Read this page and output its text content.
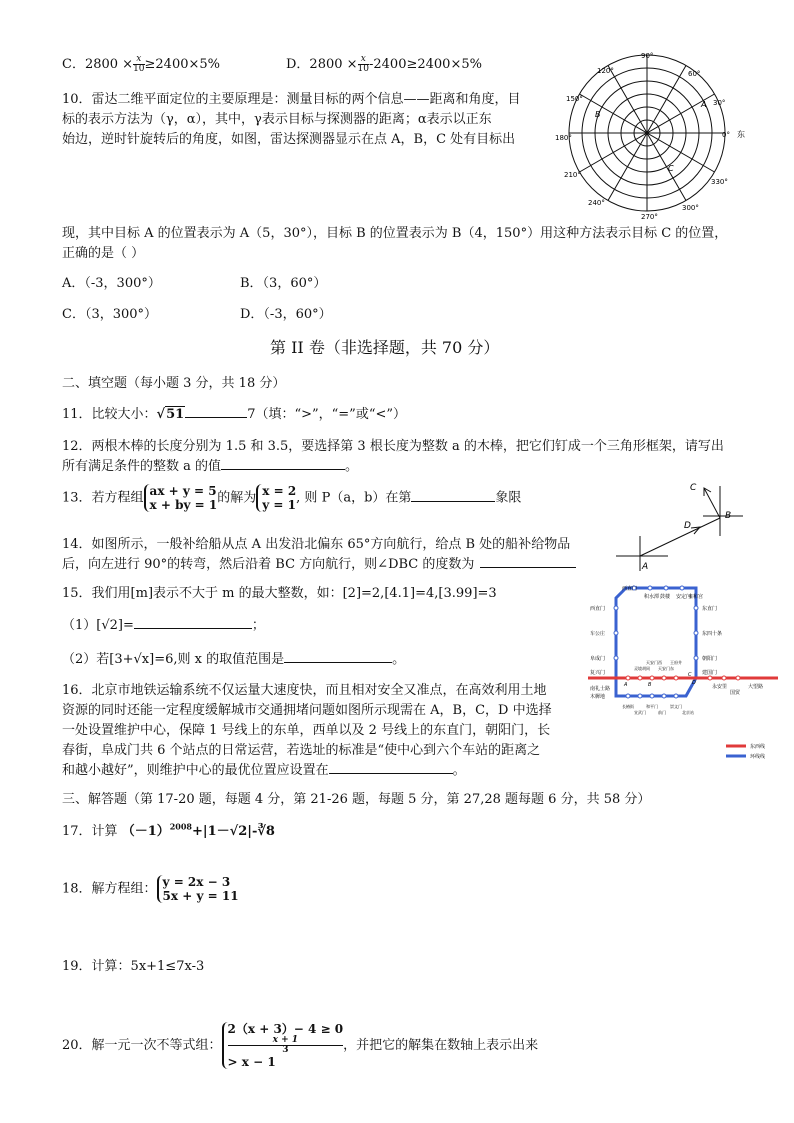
C．$2800 \times \frac{x}{10} \ge 2400\times 5\%$	D．$2800 \times \frac{x}{10} -2400\ge 2400\times 5\%$
10．雷达二维平面定位的主要原理是：测量目标的两个信息——距离和角度，目
标的表示方法为（γ，α），其中，γ表示目标与探测器的距离；α表示以正东
始边，逆时针旋转后的角度，如图，雷达探测器显示在点 A，B，C 处有目标出
90°
60°
30°
0° 东
330°
300°
270°
240°
210°
180°
150°
120°
A
B
C
现，其中目标 A 的位置表示为 A（5，30°），目标 B 的位置表示为 B（4，150°）用这种方法表示目标 C 的位置，
正确的是（ ）
A．（-3，300°）	B．（3，60°）
C．（3，300°）	D．（-3，60°）
第 II 卷（非选择题，共 70 分）
二、填空题（每小题 3 分，共 18 分）
11．比较大小：√51	7（填：“>”，“=”或“<”）
12．两根木棒的长度分别为 1.5 和 3.5，要选择第 3 根长度为整数 a 的木棒，把它们钉成一个三角形框架，请写出
所有满足条件的整数 a 的值	。
13．若方程组 ax + y = 5
x + by = 1 的解为 x = 2
y = 1 , 则 P（a，b）在第	象限
C
B
D
A
14．如图所示，一般补给船从点 A 出发沿北偏东 65°方向航行，给点 B 处的船补给物品
后，向左进行 90°的转弯，然后沿着 BC 方向航行，则∠DBC 的度数为
15．我们用[m]表示不大于 m 的最大整数，如：[2]=2,[4.1]=4,[3.99]=3
（1）[√2]=	；
（2）若[3+√x]=6,则 x 的取值范围是	。
西直门
积水潭 鼓楼 安定门
雍和宫
西直门
车公庄
阜成门
复兴门
东直门
东四十条
朝阳门
建国门
灵境胡同
天安门西
天安门东
王府井
长椿街
宣武门
和平门
前门
崇文门
北京站
大望路
国贸
永安里
南礼士路
木樨地
A	B
C
D
东西线
环线线
16．北京市地铁运输系统不仅运量大速度快，而且相对安全又准点，在高效利用土地
资源的同时还能一定程度缓解城市交通拥堵问题如图所示现需在 A，B，C，D 中选择
一处设置维护中心，保障 1 号线上的东单，西单以及 2 号线上的东直门，朝阳门，长
春街，阜成门共 6 个站点的日常运营，若选址的标准是“使中心到六个车站的距离之
和越小越好”，则维护中心的最优位置应设置在	。
三、解答题（第 17-20 题，每题 4 分，第 21-26 题，每题 5 分，第 27,28 题每题 6 分，共 58 分）
17．计算 $(-1)^{2008}+|1-√2|-∛8$
18．解方程组： y = 2x − 3
5x + y = 11
19．计算：5x+1≤7x-3
20．解一元一次不等式组：
2（x + 3）− 4 ≥ 0
x + 1
3
> x − 1
，并把它的解集在数轴上表示出来
